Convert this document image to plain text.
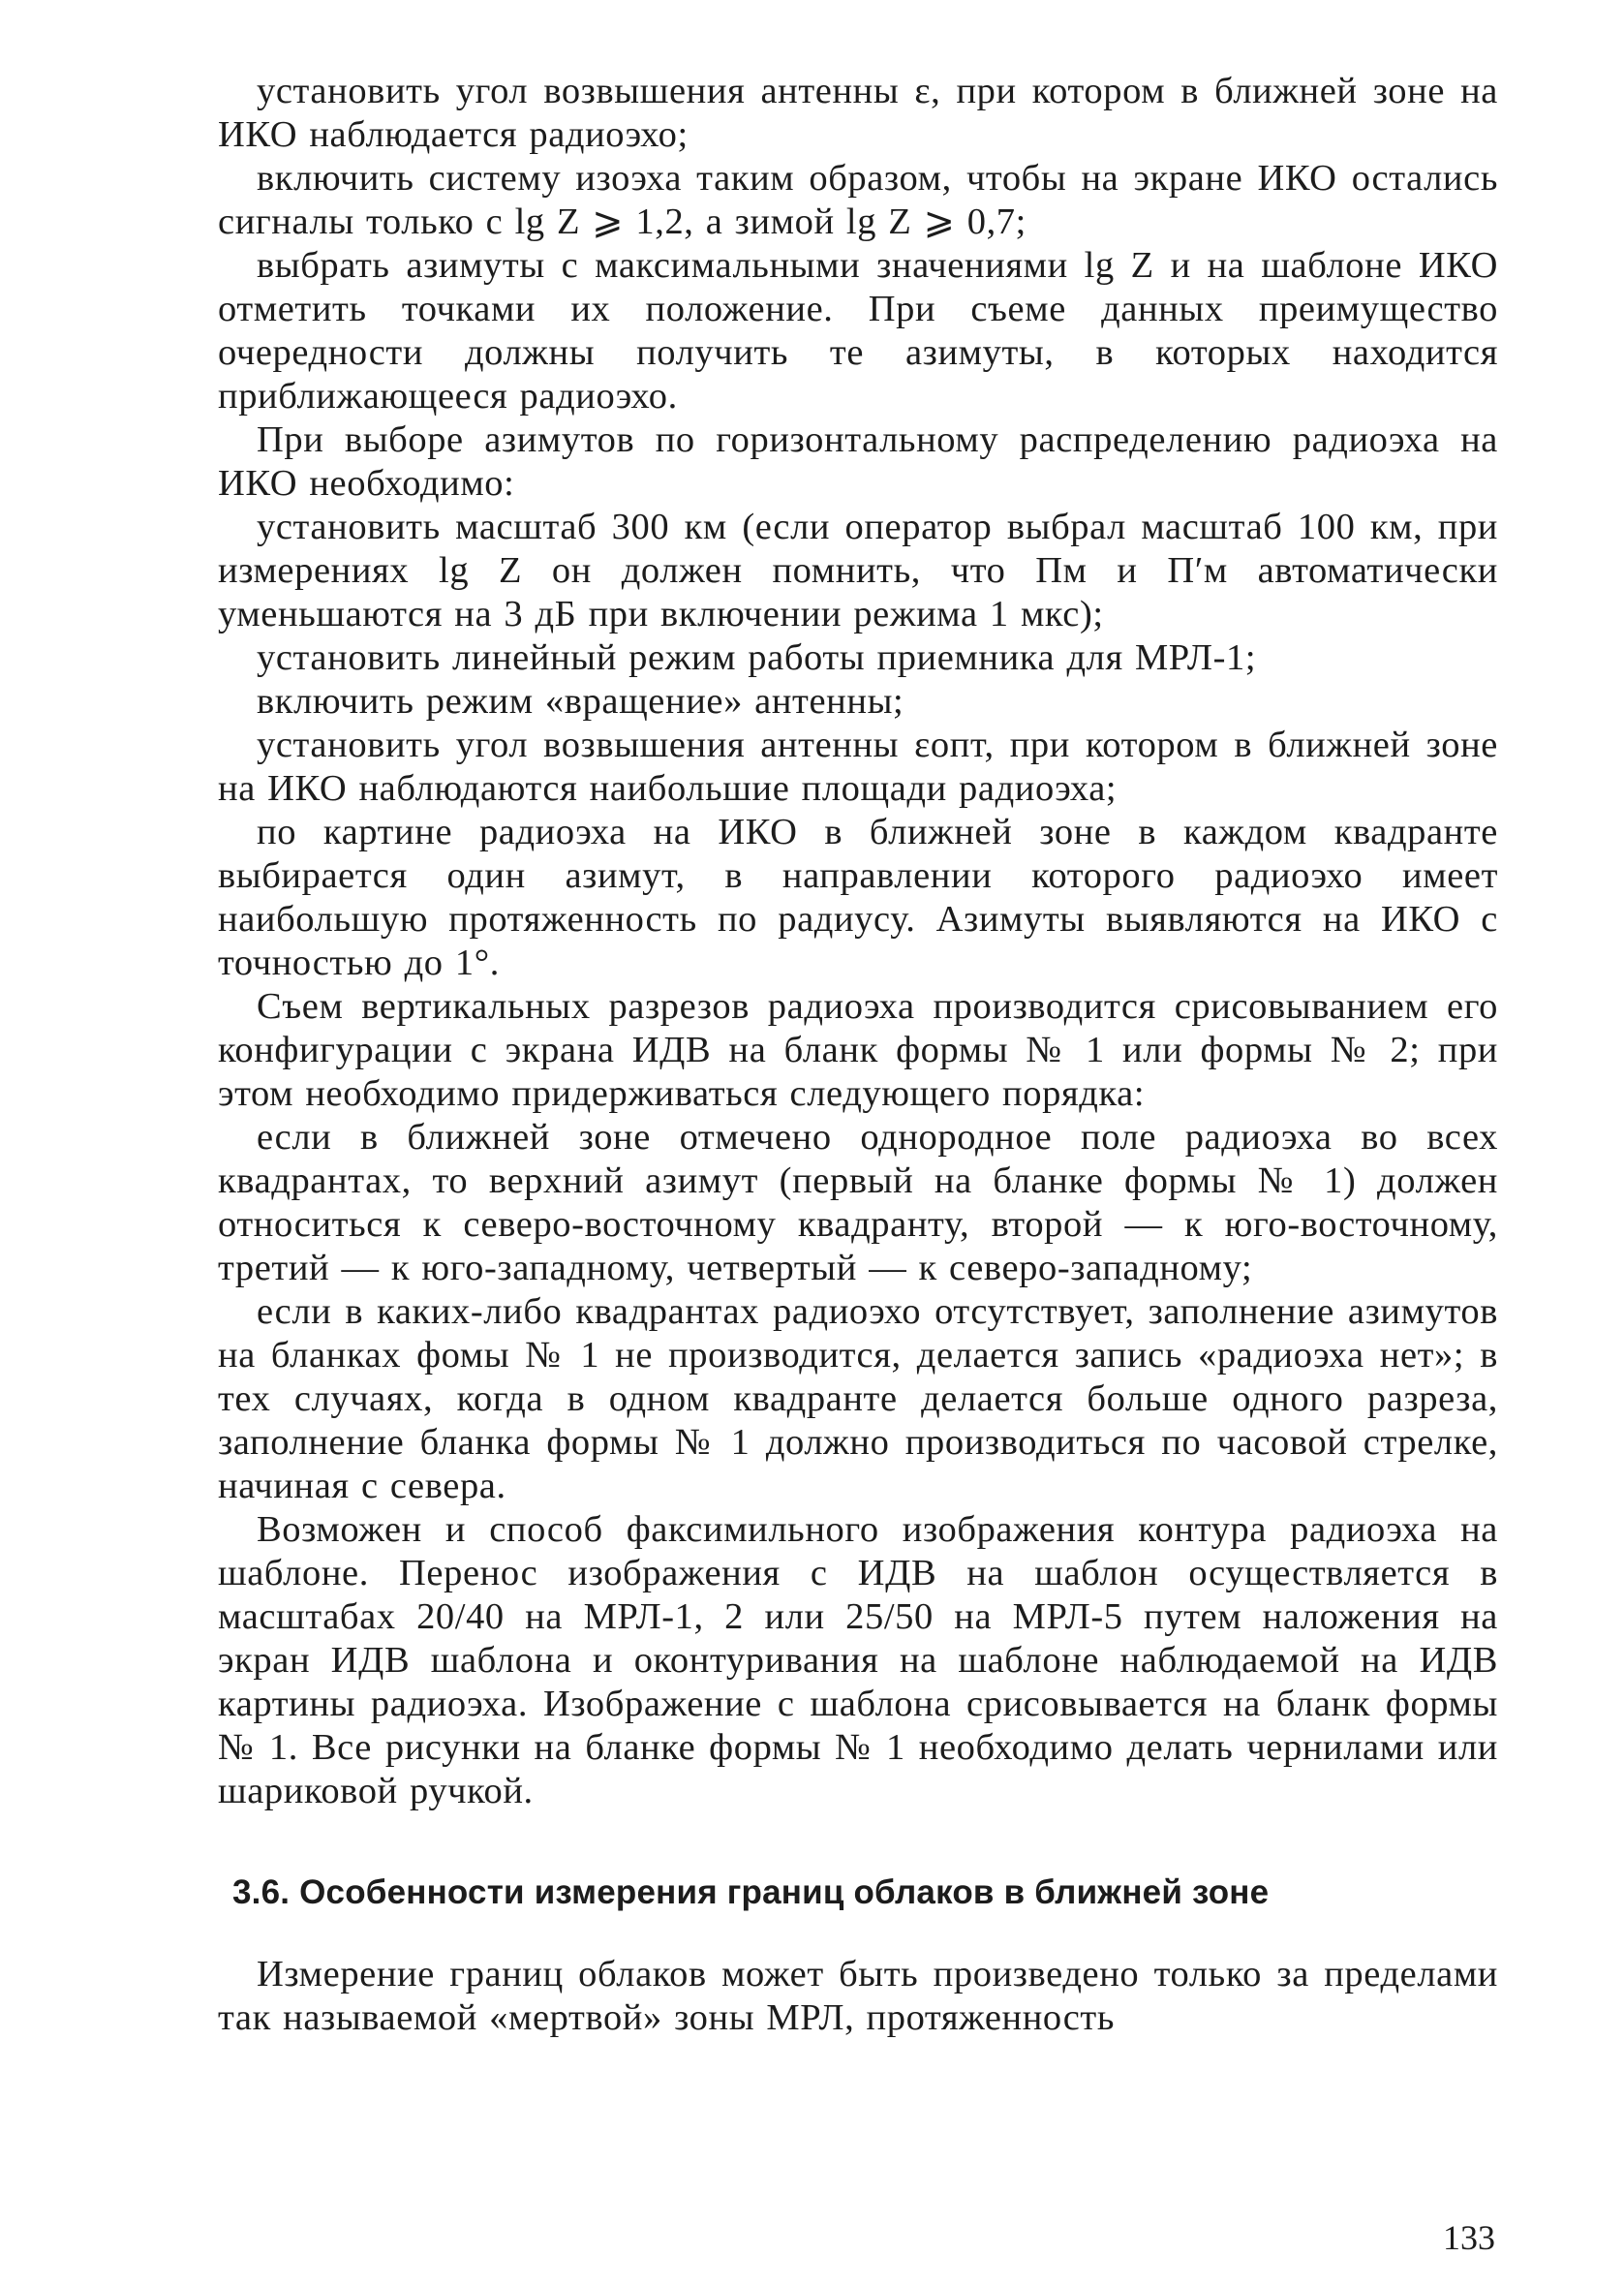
установить угол возвышения антенны ε, при котором в ближней зоне на ИКО наблюдается радиоэхо;

включить систему изоэха таким образом, чтобы на экране ИКО остались сигналы только с lg Z ⩾ 1,2, а зимой lg Z ⩾ 0,7;

выбрать азимуты с максимальными значениями lg Z и на шаблоне ИКО отметить точками их положение. При съеме данных преимущество очередности должны получить те азимуты, в которых находится приближающееся радиоэхо.

При выборе азимутов по горизонтальному распределению радиоэха на ИКО необходимо:

установить масштаб 300 км (если оператор выбрал масштаб 100 км, при измерениях lg Z он должен помнить, что Пм и П′м автоматически уменьшаются на 3 дБ при включении режима 1 мкс);

установить линейный режим работы приемника для МРЛ-1;

включить режим «вращение» антенны;

установить угол возвышения антенны εопт, при котором в ближней зоне на ИКО наблюдаются наибольшие площади радиоэха;

по картине радиоэха на ИКО в ближней зоне в каждом квадранте выбирается один азимут, в направлении которого радиоэхо имеет наибольшую протяженность по радиусу. Азимуты выявляются на ИКО с точностью до 1°.

Съем вертикальных разрезов радиоэха производится срисовыванием его конфигурации с экрана ИДВ на бланк формы № 1 или формы № 2; при этом необходимо придерживаться следующего порядка:

если в ближней зоне отмечено однородное поле радиоэха во всех квадрантах, то верхний азимут (первый на бланке формы № 1) должен относиться к северо-восточному квадранту, второй — к юго-восточному, третий — к юго-западному, четвертый — к северо-западному;

если в каких-либо квадрантах радиоэхо отсутствует, заполнение азимутов на бланках фомы № 1 не производится, делается запись «радиоэха нет»; в тех случаях, когда в одном квадранте делается больше одного разреза, заполнение бланка формы № 1 должно производиться по часовой стрелке, начиная с севера.

Возможен и способ факсимильного изображения контура радиоэха на шаблоне. Перенос изображения с ИДВ на шаблон осуществляется в масштабах 20/40 на МРЛ-1, 2 или 25/50 на МРЛ-5 путем наложения на экран ИДВ шаблона и оконтуривания на шаблоне наблюдаемой на ИДВ картины радиоэха. Изображение с шаблона срисовывается на бланк формы № 1. Все рисунки на бланке формы № 1 необходимо делать чернилами или шариковой ручкой.

3.6. Особенности измерения границ облаков в ближней зоне

Измерение границ облаков может быть произведено только за пределами так называемой «мертвой» зоны МРЛ, протяженность

133
